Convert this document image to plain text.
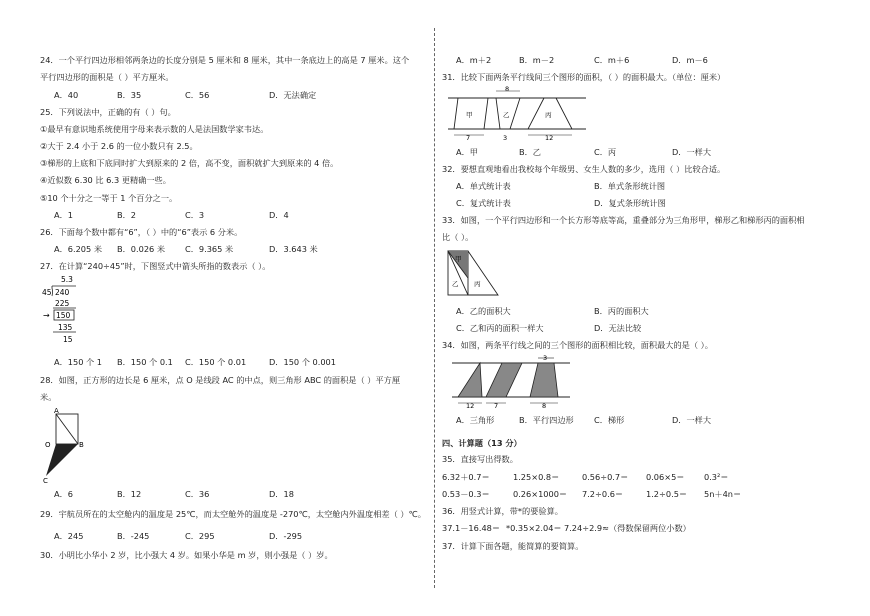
24．一个平行四边形相邻两条边的长度分别是 5 厘米和 8 厘米，其中一条底边上的高是 7 厘米。这个
平行四边形的面积是（ ）平方厘米。
A．40	B．35	C．56	D．无法确定
25．下列说法中，正确的有（ ）句。
①最早有意识地系统使用字母来表示数的人是法国数学家韦达。
②大于 2.4 小于 2.6 的一位小数只有 2.5。
③梯形的上底和下底同时扩大到原来的 2 倍，高不变，面积就扩大到原来的 4 倍。
④近似数 6.30 比 6.3 更精确一些。
⑤10 个十分之一等于 1 个百分之一。
A．1	B．2	C．3	D．4
26．下面每个数中都有“6”，（ ）中的“6”表示 6 分米。
A．6.205 米 B．0.026 米 C．9.365 米	D．3.643 米
27．在计算“240÷45”时，下图竖式中箭头所指的数表示（ ）。
5.3
45 240
225
→ 150
135
15
A．150 个 1 B．150 个 0.1 C．150 个 0.01	D．150 个 0.001
28．如图，正方形的边长是 6 厘米，点 O 是线段 AC 的中点，则三角形 ABC 的面积是（ ）平方厘
米。
A
O	B
C
A．6	B．12	C．36	D．18
29．宇航员所在的太空舱内的温度是 25℃，而太空舱外的温度是 -270℃，太空舱内外温度相差（ ）℃。
A．245	B．-245	C．295	D．-295
30．小明比小华小 2 岁，比小强大 4 岁。如果小华是 m 岁，则小强是（ ）岁。
A．m＋2	B．m－2	C．m＋6	D．m－6
31．比较下面两条平行线间三个图形的面积，（ ）的面积最大。（单位：厘米）
8
甲	乙	丙
7	3	12
A．甲	B．乙	C．丙	D．一样大
32．要想直观地看出我校每个年级男、女生人数的多少，选用（ ）比较合适。
A．单式统计表	B．单式条形统计图
C．复式统计表	D．复式条形统计图
33．如图，一个平行四边形和一个长方形等底等高，重叠部分为三角形甲，梯形乙和梯形丙的面积相
比（ ）。
甲
乙 丙
A．乙的面积大	B．丙的面积大
C．乙和丙的面积一样大	D．无法比较
34．如图，两条平行线之间的三个图形的面积相比较，面积最大的是（ ）。
3
12	7	8
A．三角形	B．平行四边形 C．梯形	D．一样大
四、计算题（13 分）
35．直接写出得数。
6.32＋0.7＝	1.25×0.8＝	0.56÷0.7＝ 0.06×5＝ 0.3²＝
0.53－0.3＝	0.26×1000＝ 7.2÷0.6＝	1.2÷0.5＝ 5n＋4n＝
36．用竖式计算，带*的要验算。
37.1－16.48＝ *0.35×2.04＝ 7.24÷2.9≈（得数保留两位小数）
37．计算下面各题，能简算的要简算。
